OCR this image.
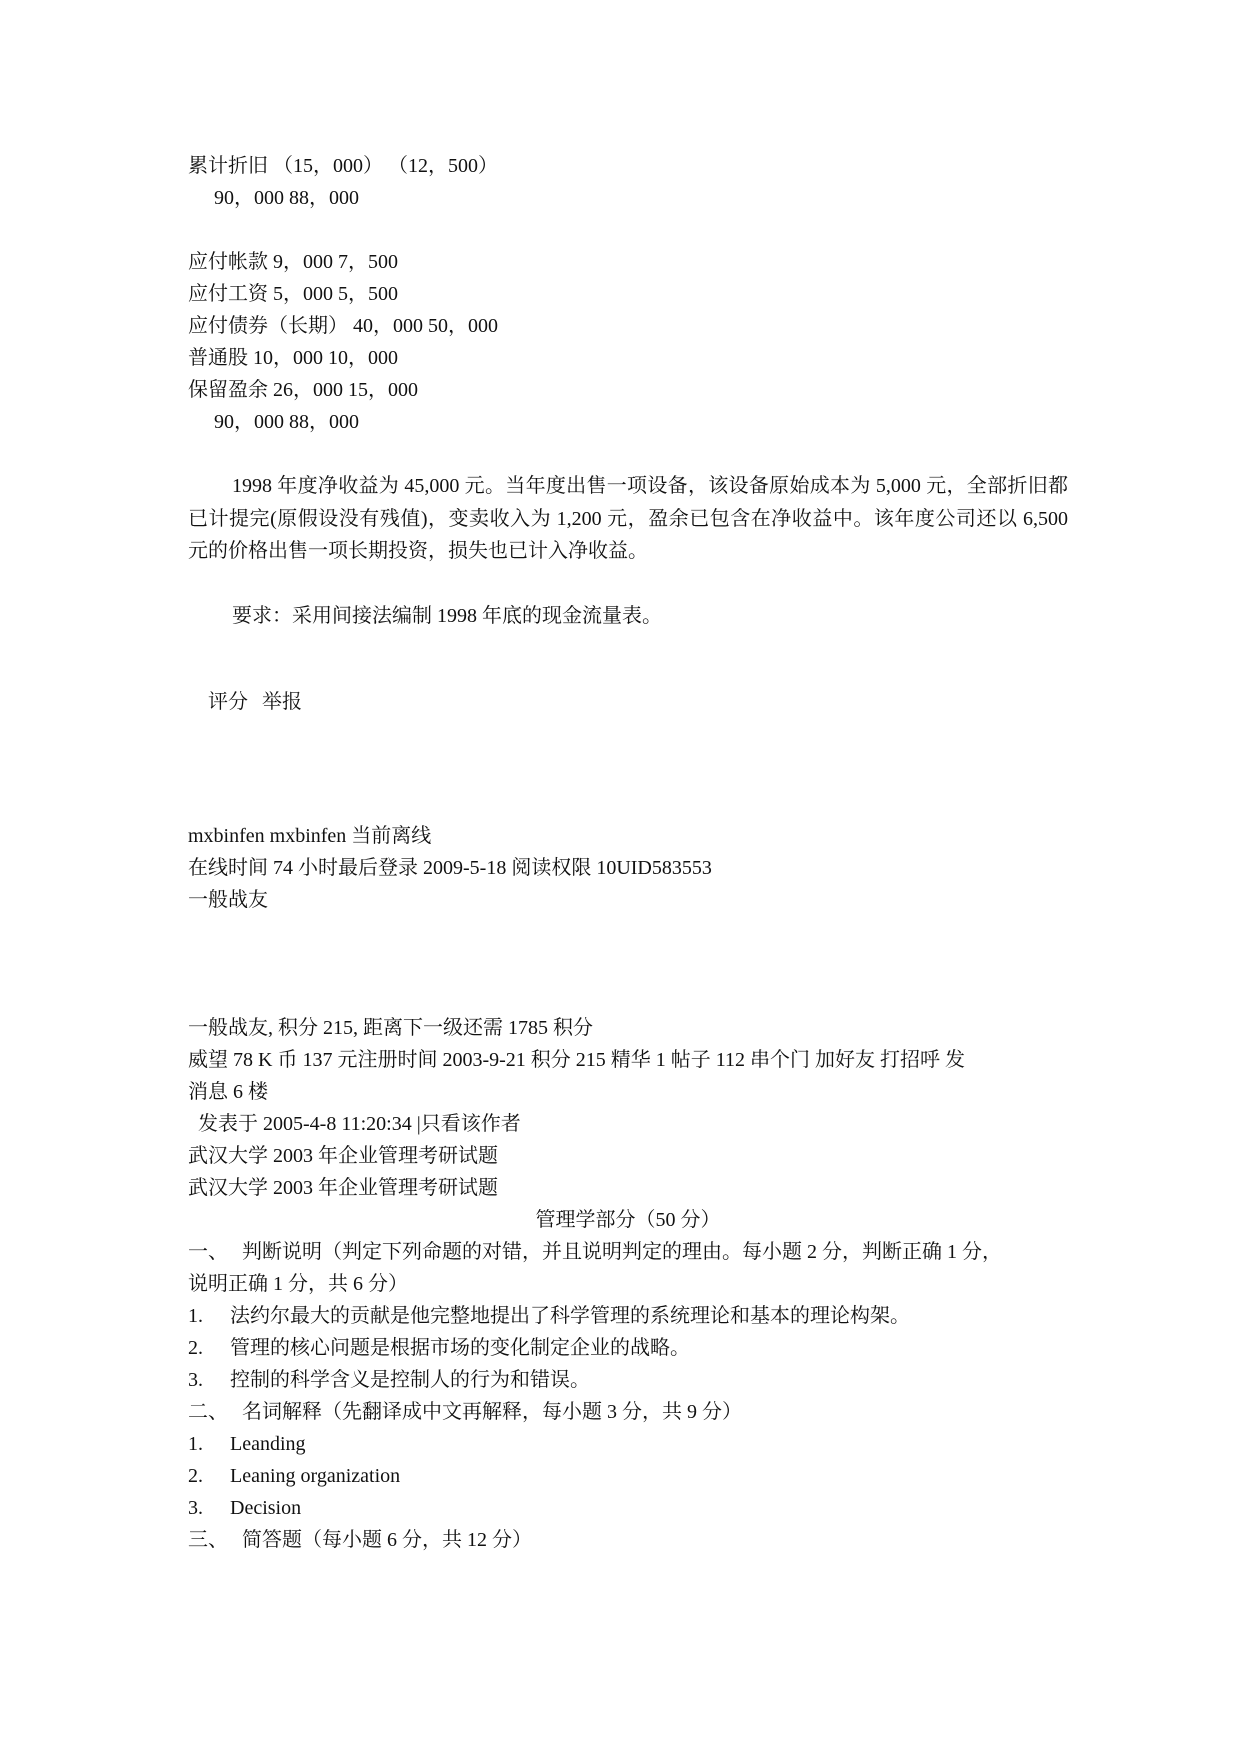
累计折旧 （15，000） （12，500）
90，000 88，000
应付帐款 9，000 7，500
应付工资 5，000 5，500
应付债券（长期） 40，000 50，000
普通股 10，000 10，000
保留盈余 26，000 15，000
90，000 88，000

1998 年度净收益为 45,000 元。当年度出售一项设备，该设备原始成本为 5,000 元，全部折旧都已计提完(原假设没有残值)，变卖收入为 1,200 元，盈余已包含在净收益中。该年度公司还以 6,500 元的价格出售一项长期投资，损失也已计入净收益。

要求：采用间接法编制 1998 年底的现金流量表。

评分 举报
mxbinfen mxbinfen 当前离线
在线时间 74 小时最后登录 2009-5-18 阅读权限 10UID583553
一般战友
一般战友, 积分 215, 距离下一级还需 1785 积分
威望 78 K 币 137 元注册时间 2003-9-21 积分 215 精华 1 帖子 112 串个门 加好友 打招呼 发
消息 6 楼
发表于 2005-4-8 11:20:34 |只看该作者
武汉大学 2003 年企业管理考研试题
武汉大学 2003 年企业管理考研试题
管理学部分（50 分）
一、 判断说明（判定下列命题的对错，并且说明判定的理由。每小题 2 分，判断正确 1 分，
说明正确 1 分，共 6 分）
1. 法约尔最大的贡献是他完整地提出了科学管理的系统理论和基本的理论构架。
2. 管理的核心问题是根据市场的变化制定企业的战略。
3. 控制的科学含义是控制人的行为和错误。
二、 名词解释（先翻译成中文再解释，每小题 3 分，共 9 分）
1. Leanding
2. Leaning organization
3. Decision
三、 简答题（每小题 6 分，共 12 分）
